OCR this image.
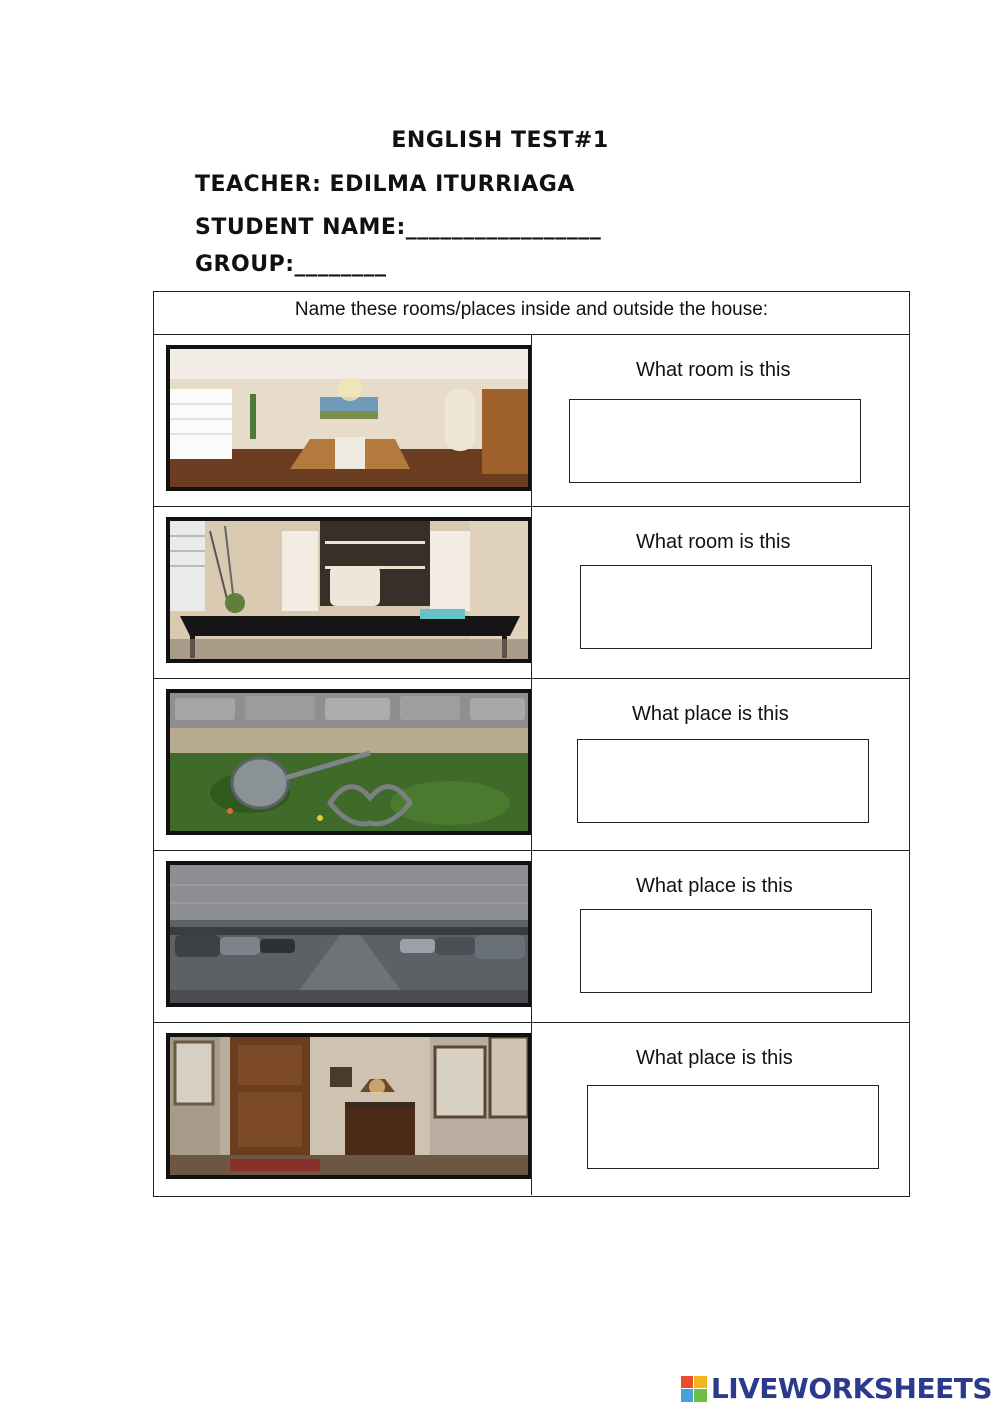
ENGLISH TEST#1
TEACHER: EDILMA ITURRIAGA
STUDENT NAME:_________________
GROUP:________
Name these rooms/places inside and outside the house:
What room is this
What room is this
What place is this
What place is this
What place is this
LIVEWORKSHEETS
